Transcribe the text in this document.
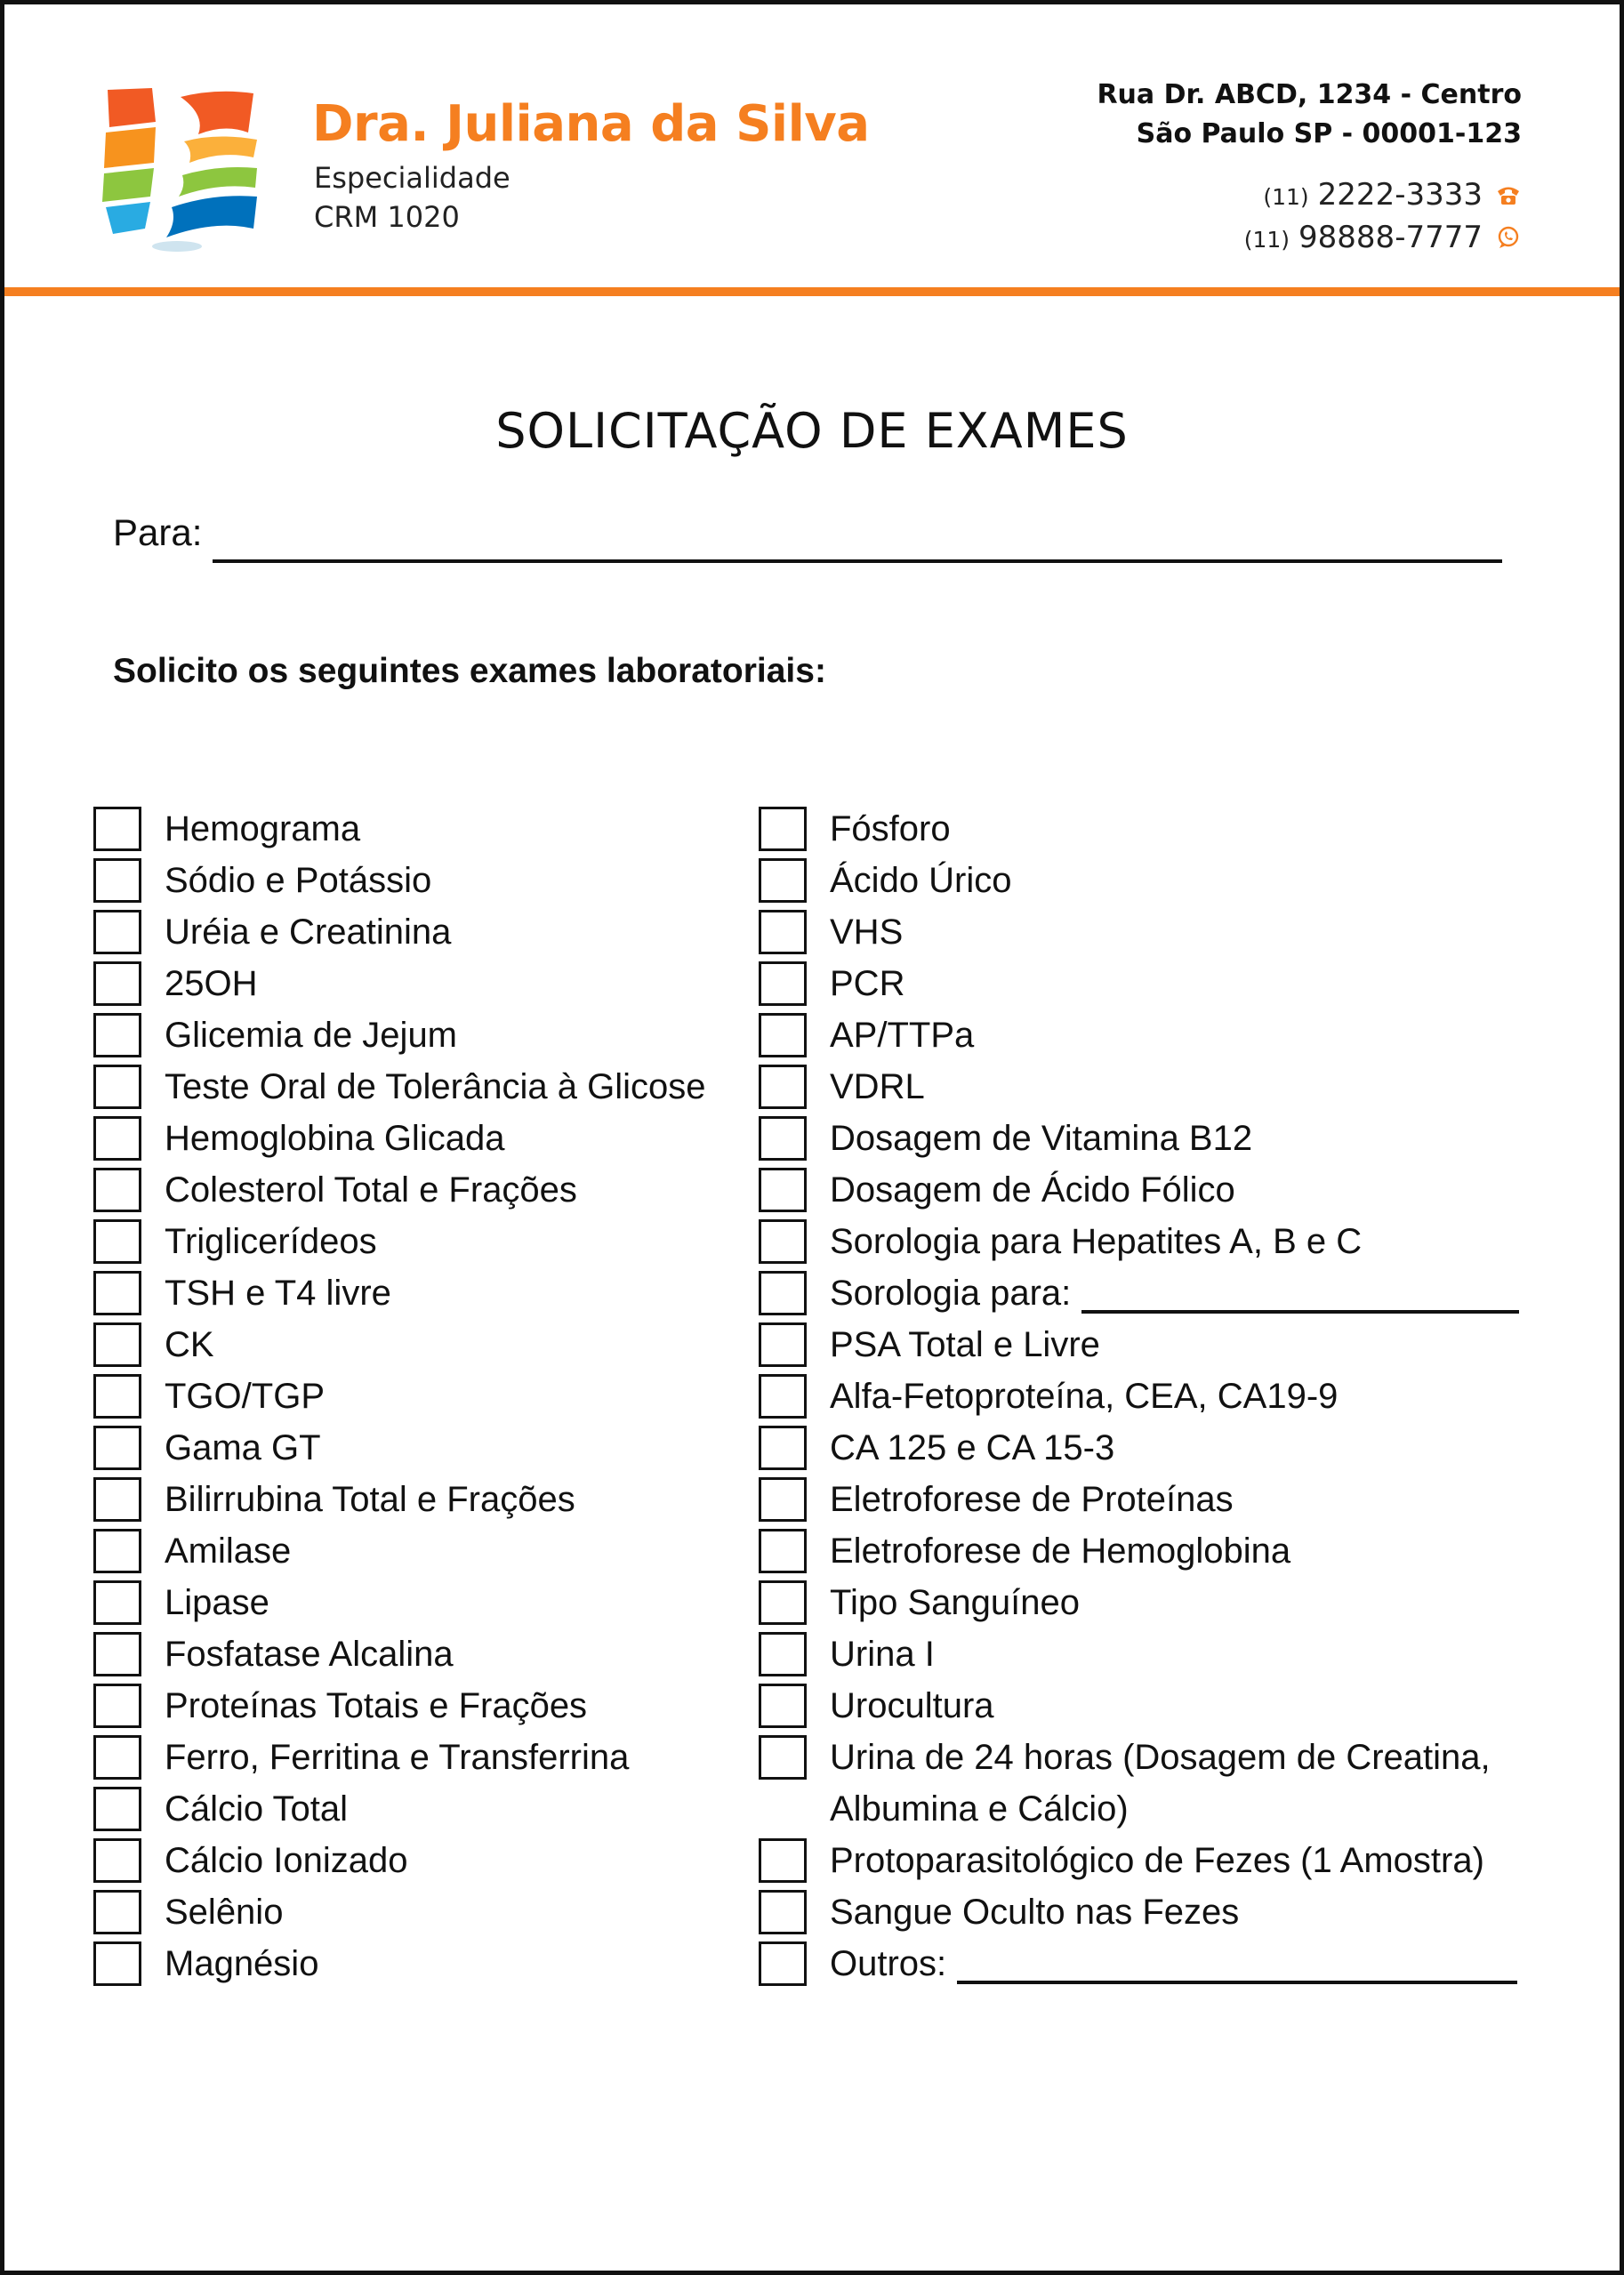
Dra. Juliana da Silva
Especialidade
CRM 1020
Rua Dr. ABCD, 1234 - Centro
São Paulo SP - 00001-123
(11) 2222-3333
(11) 98888-7777
SOLICITAÇÃO DE EXAMES
Para:

Solicito os seguintes exames laboratoriais:

Hemograma
Sódio e Potássio
Uréia e Creatinina
25OH
Glicemia de Jejum
Teste Oral de Tolerância à Glicose
Hemoglobina Glicada
Colesterol Total e Frações
Triglicerídeos
TSH e T4 livre
CK
TGO/TGP
Gama GT
Bilirrubina Total e Frações
Amilase
Lipase
Fosfatase Alcalina
Proteínas Totais e Frações
Ferro, Ferritina e Transferrina
Cálcio Total
Cálcio Ionizado
Selênio
Magnésio
Fósforo
Ácido Úrico
VHS
PCR
AP/TTPa
VDRL
Dosagem de Vitamina B12
Dosagem de Ácido Fólico
Sorologia para Hepatites A, B e C
Sorologia para:
PSA Total e Livre
Alfa-Fetoproteína, CEA, CA19-9
CA 125 e CA 15-3
Eletroforese de Proteínas
Eletroforese de Hemoglobina
Tipo Sanguíneo
Urina I
Urocultura
Urina de 24 horas (Dosagem de Creatina,
Albumina e Cálcio)
Protoparasitológico de Fezes (1 Amostra)
Sangue Oculto nas Fezes
Outros:
